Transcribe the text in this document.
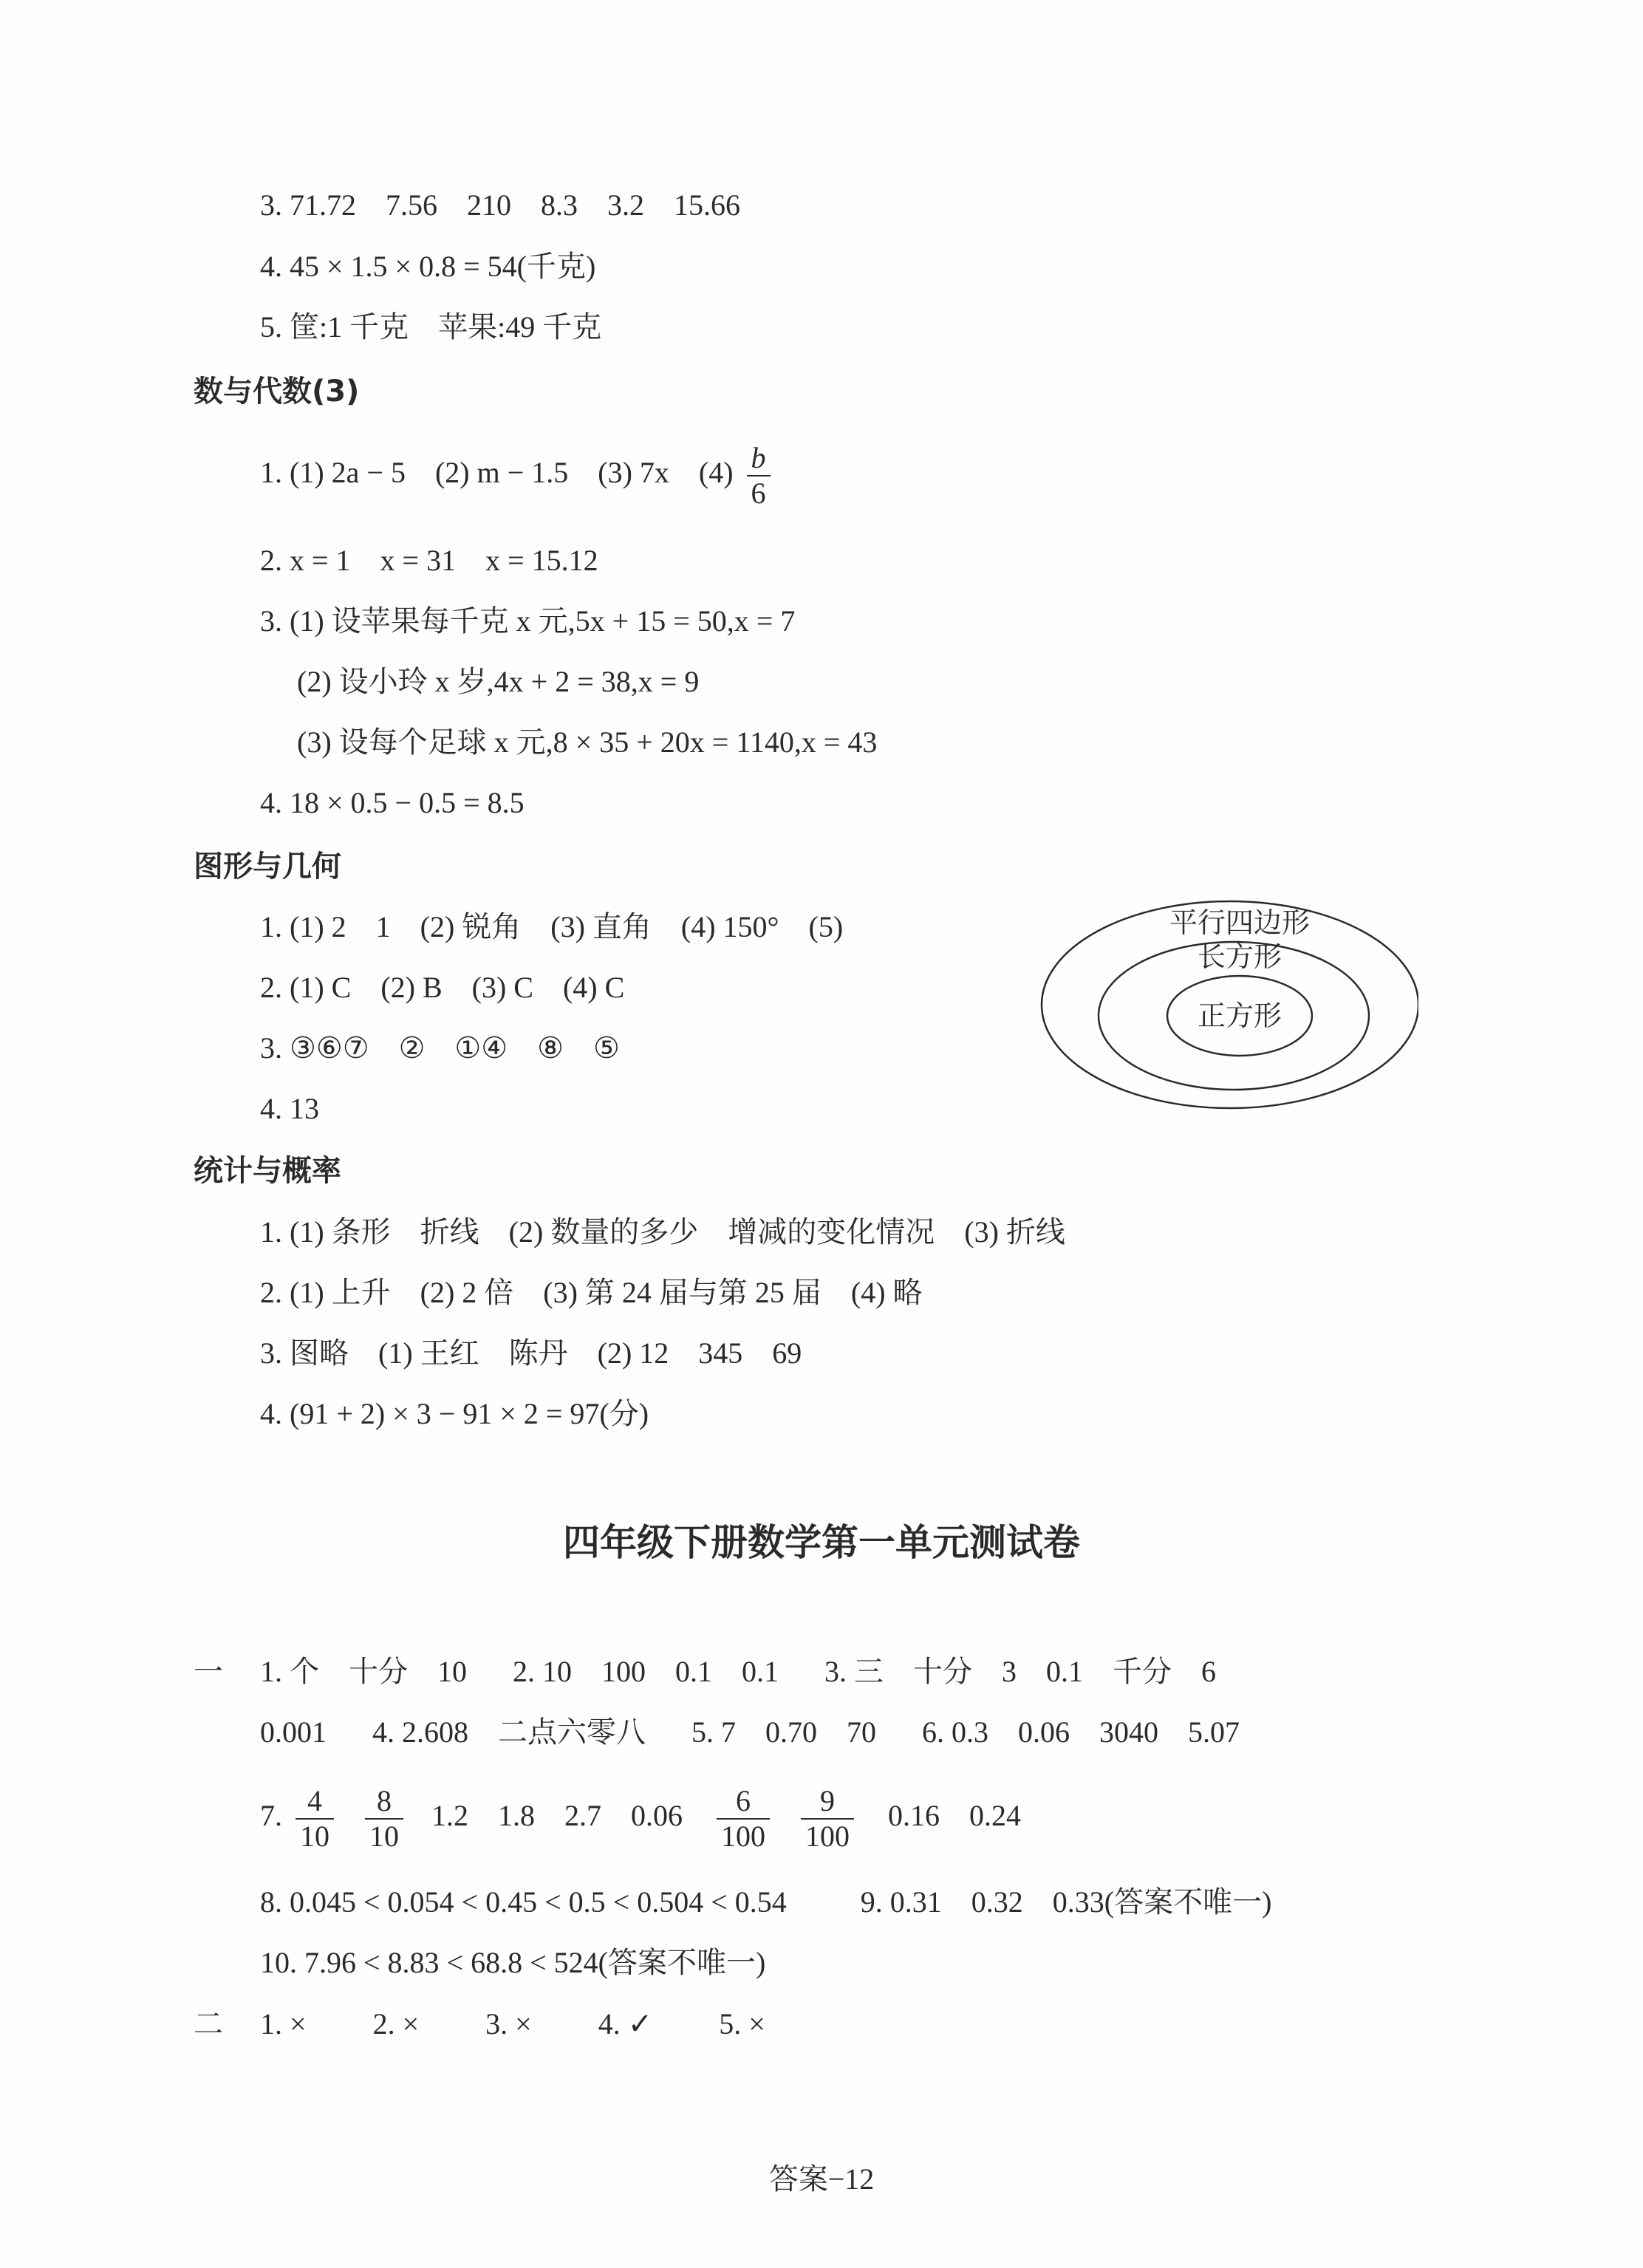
3. 71.72　7.56　210　8.3　3.2　15.66
4. 45 × 1.5 × 0.8 = 54(千克)
5. 筐:1 千克　苹果:49 千克
数与代数(3)
1. (1) 2a − 5　(2) m − 1.5　(3) 7x　$(4) \frac{b}{6}$
2. x = 1　x = 31　x = 15.12
3. (1) 设苹果每千克 x 元,5x + 15 = 50,x = 7
(2) 设小玲 x 岁,4x + 2 = 38,x = 9
(3) 设每个足球 x 元,8 × 35 + 20x = 1140,x = 43
4. 18 × 0.5 − 0.5 = 8.5
图形与几何
1. (1) 2　1　(2) 锐角　(3) 直角　(4) 150°　(5)
2. (1) C　(2) B　(3) C　(4) C
3. ③⑥⑦　②　①④　⑧　⑤
4. 13
平行四边形
长方形
正方形
统计与概率
1. (1) 条形　折线　(2) 数量的多少　增减的变化情况　(3) 折线
2. (1) 上升　(2) 2 倍　(3) 第 24 届与第 25 届　(4) 略
3. 图略　(1) 王红　陈丹　(2) 12　345　69
4. (91 + 2) × 3 − 91 × 2 = 97(分)
四年级下册数学第一单元测试卷
一 1. 个　十分　10 2. 10　100　0.1　0.1 3. 三　十分　3　0.1　千分　6
0.001 4. 2.608　二点六零八 5. 7　0.70　70 6. 0.3　0.06　3040　5.07
7. $\frac{4}{10}$
$\frac{8}{10} 1.2$　1.8　2.7　$0.06 \frac{6}{100}$
$\frac{9}{100} 0.16$　0.24
8. 0.045 < 0.054 < 0.45 < 0.5 < 0.504 < 0.54	9. 0.31　0.32　0.33(答案不唯一)
10. 7.96 < 8.83 < 68.8 < 524(答案不唯一)
二 1. × 2. × 3. × 4. ✓ 5. ×
答案−12
